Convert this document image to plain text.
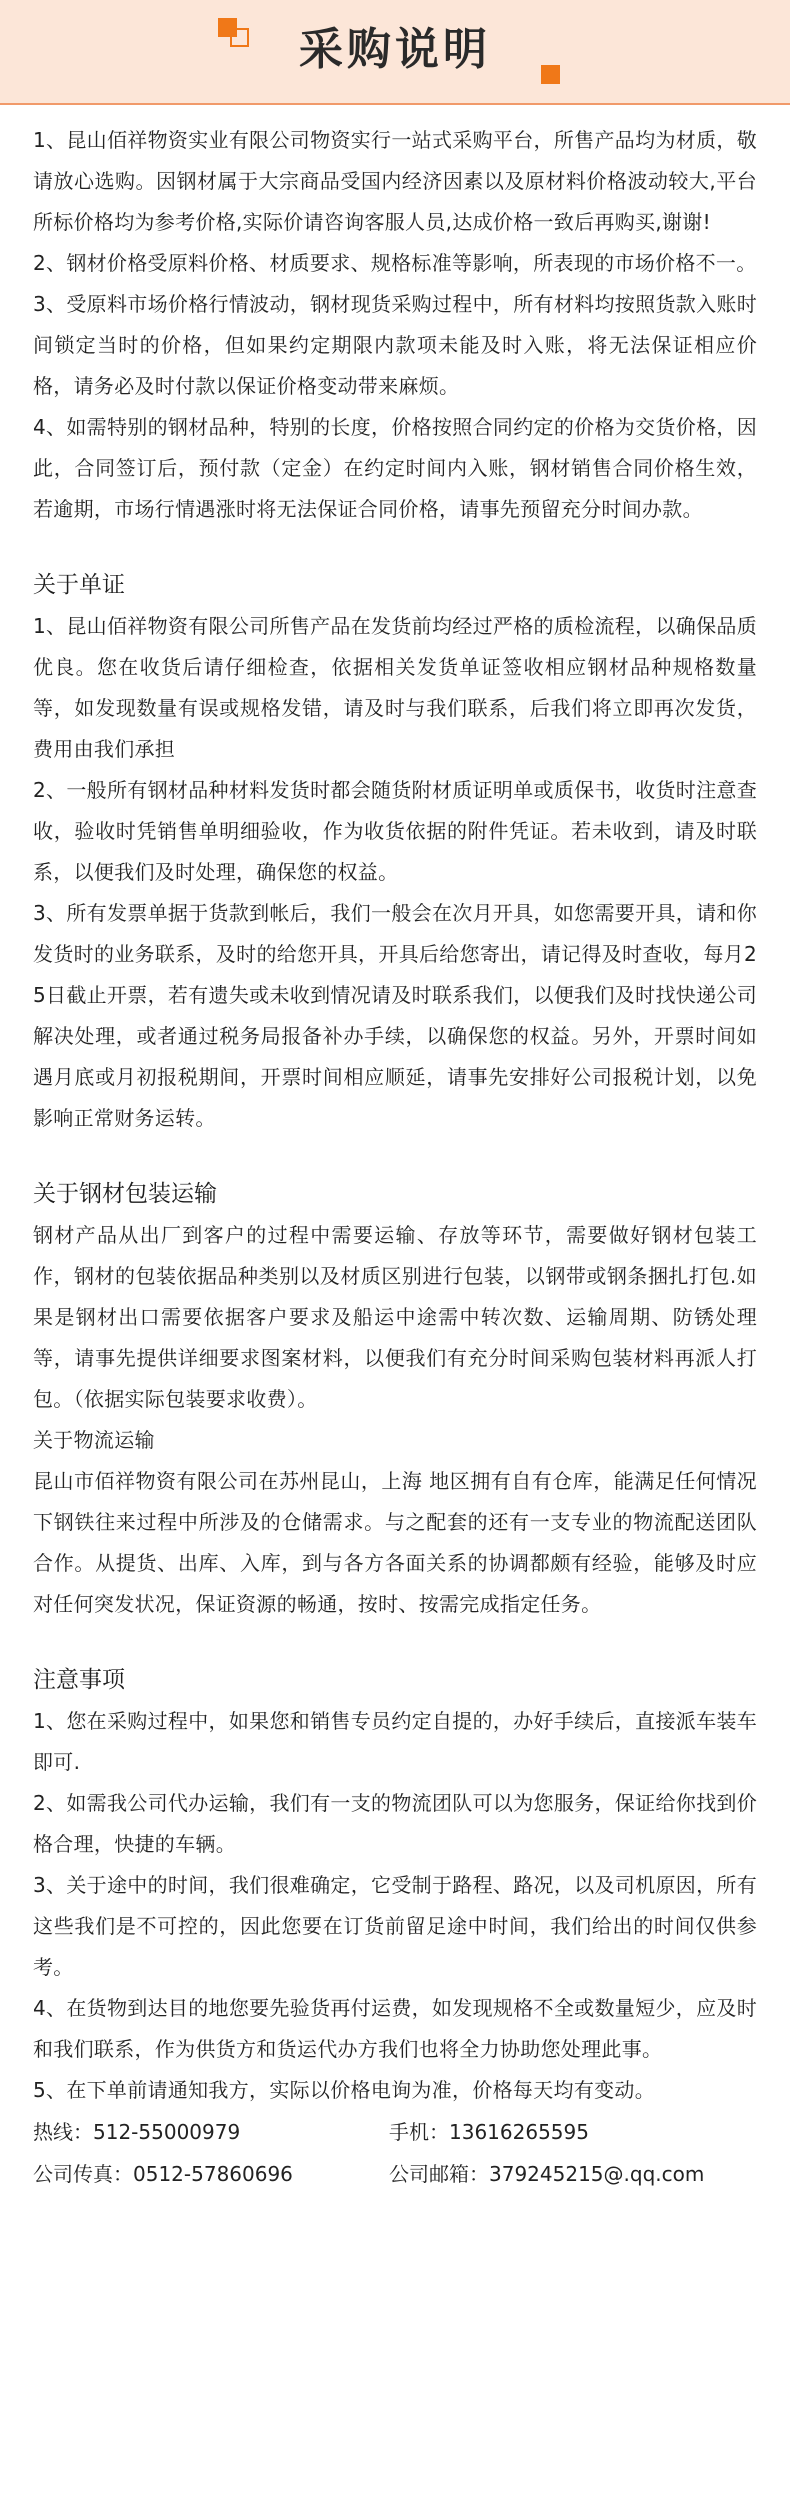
采购说明

1、昆山佰祥物资实业有限公司物资实行一站式采购平台，所售产品均为材质，敬请放心选购。因钢材属于大宗商品受国内经济因素以及原材料价格波动较大,平台所标价格均为参考价格,实际价请咨询客服人员,达成价格一致后再购买,谢谢!

2、钢材价格受原料价格、材质要求、规格标准等影响，所表现的市场价格不一。

3、受原料市场价格行情波动，钢材现货采购过程中，所有材料均按照货款入账时间锁定当时的价格，但如果约定期限内款项未能及时入账，将无法保证相应价格，请务必及时付款以保证价格变动带来麻烦。

4、如需特别的钢材品种，特别的长度，价格按照合同约定的价格为交货价格，因此，合同签订后，预付款（定金）在约定时间内入账，钢材销售合同价格生效，若逾期，市场行情遇涨时将无法保证合同价格，请事先预留充分时间办款。

关于单证

1、昆山佰祥物资有限公司所售产品在发货前均经过严格的质检流程，以确保品质优良。您在收货后请仔细检查，依据相关发货单证签收相应钢材品种规格数量等，如发现数量有误或规格发错，请及时与我们联系，后我们将立即再次发货，费用由我们承担

2、一般所有钢材品种材料发货时都会随货附材质证明单或质保书，收货时注意查收，验收时凭销售单明细验收，作为收货依据的附件凭证。若未收到，请及时联系，以便我们及时处理，确保您的权益。

3、所有发票单据于货款到帐后，我们一般会在次月开具，如您需要开具，请和你发货时的业务联系，及时的给您开具，开具后给您寄出，请记得及时查收，每月25日截止开票，若有遗失或未收到情况请及时联系我们，以便我们及时找快递公司解决处理，或者通过税务局报备补办手续，以确保您的权益。另外，开票时间如遇月底或月初报税期间，开票时间相应顺延，请事先安排好公司报税计划，以免影响正常财务运转。

关于钢材包装运输

钢材产品从出厂到客户的过程中需要运输、存放等环节，需要做好钢材包装工作，钢材的包装依据品种类别以及材质区别进行包装，以钢带或钢条捆扎打包.如果是钢材出口需要依据客户要求及船运中途需中转次数、运输周期、防锈处理等，请事先提供详细要求图案材料，以便我们有充分时间采购包装材料再派人打包。（依据实际包装要求收费）。

关于物流运输

昆山市佰祥物资有限公司在苏州昆山，上海 地区拥有自有仓库，能满足任何情况下钢铁往来过程中所涉及的仓储需求。与之配套的还有一支专业的物流配送团队合作。从提货、出库、入库，到与各方各面关系的协调都颇有经验，能够及时应对任何突发状况，保证资源的畅通，按时、按需完成指定任务。

注意事项

1、您在采购过程中，如果您和销售专员约定自提的，办好手续后，直接派车装车即可.

2、如需我公司代办运输，我们有一支的物流团队可以为您服务，保证给你找到价格合理，快捷的车辆。

3、关于途中的时间，我们很难确定，它受制于路程、路况，以及司机原因，所有这些我们是不可控的，因此您要在订货前留足途中时间，我们给出的时间仅供参考。

4、在货物到达目的地您要先验货再付运费，如发现规格不全或数量短少，应及时和我们联系，作为供货方和货运代办方我们也将全力协助您处理此事。

5、在下单前请通知我方，实际以价格电询为准，价格每天均有变动。

热线：512-55000979	手机：13616265595
公司传真：0512-57860696	公司邮箱：379245215@.qq.com
